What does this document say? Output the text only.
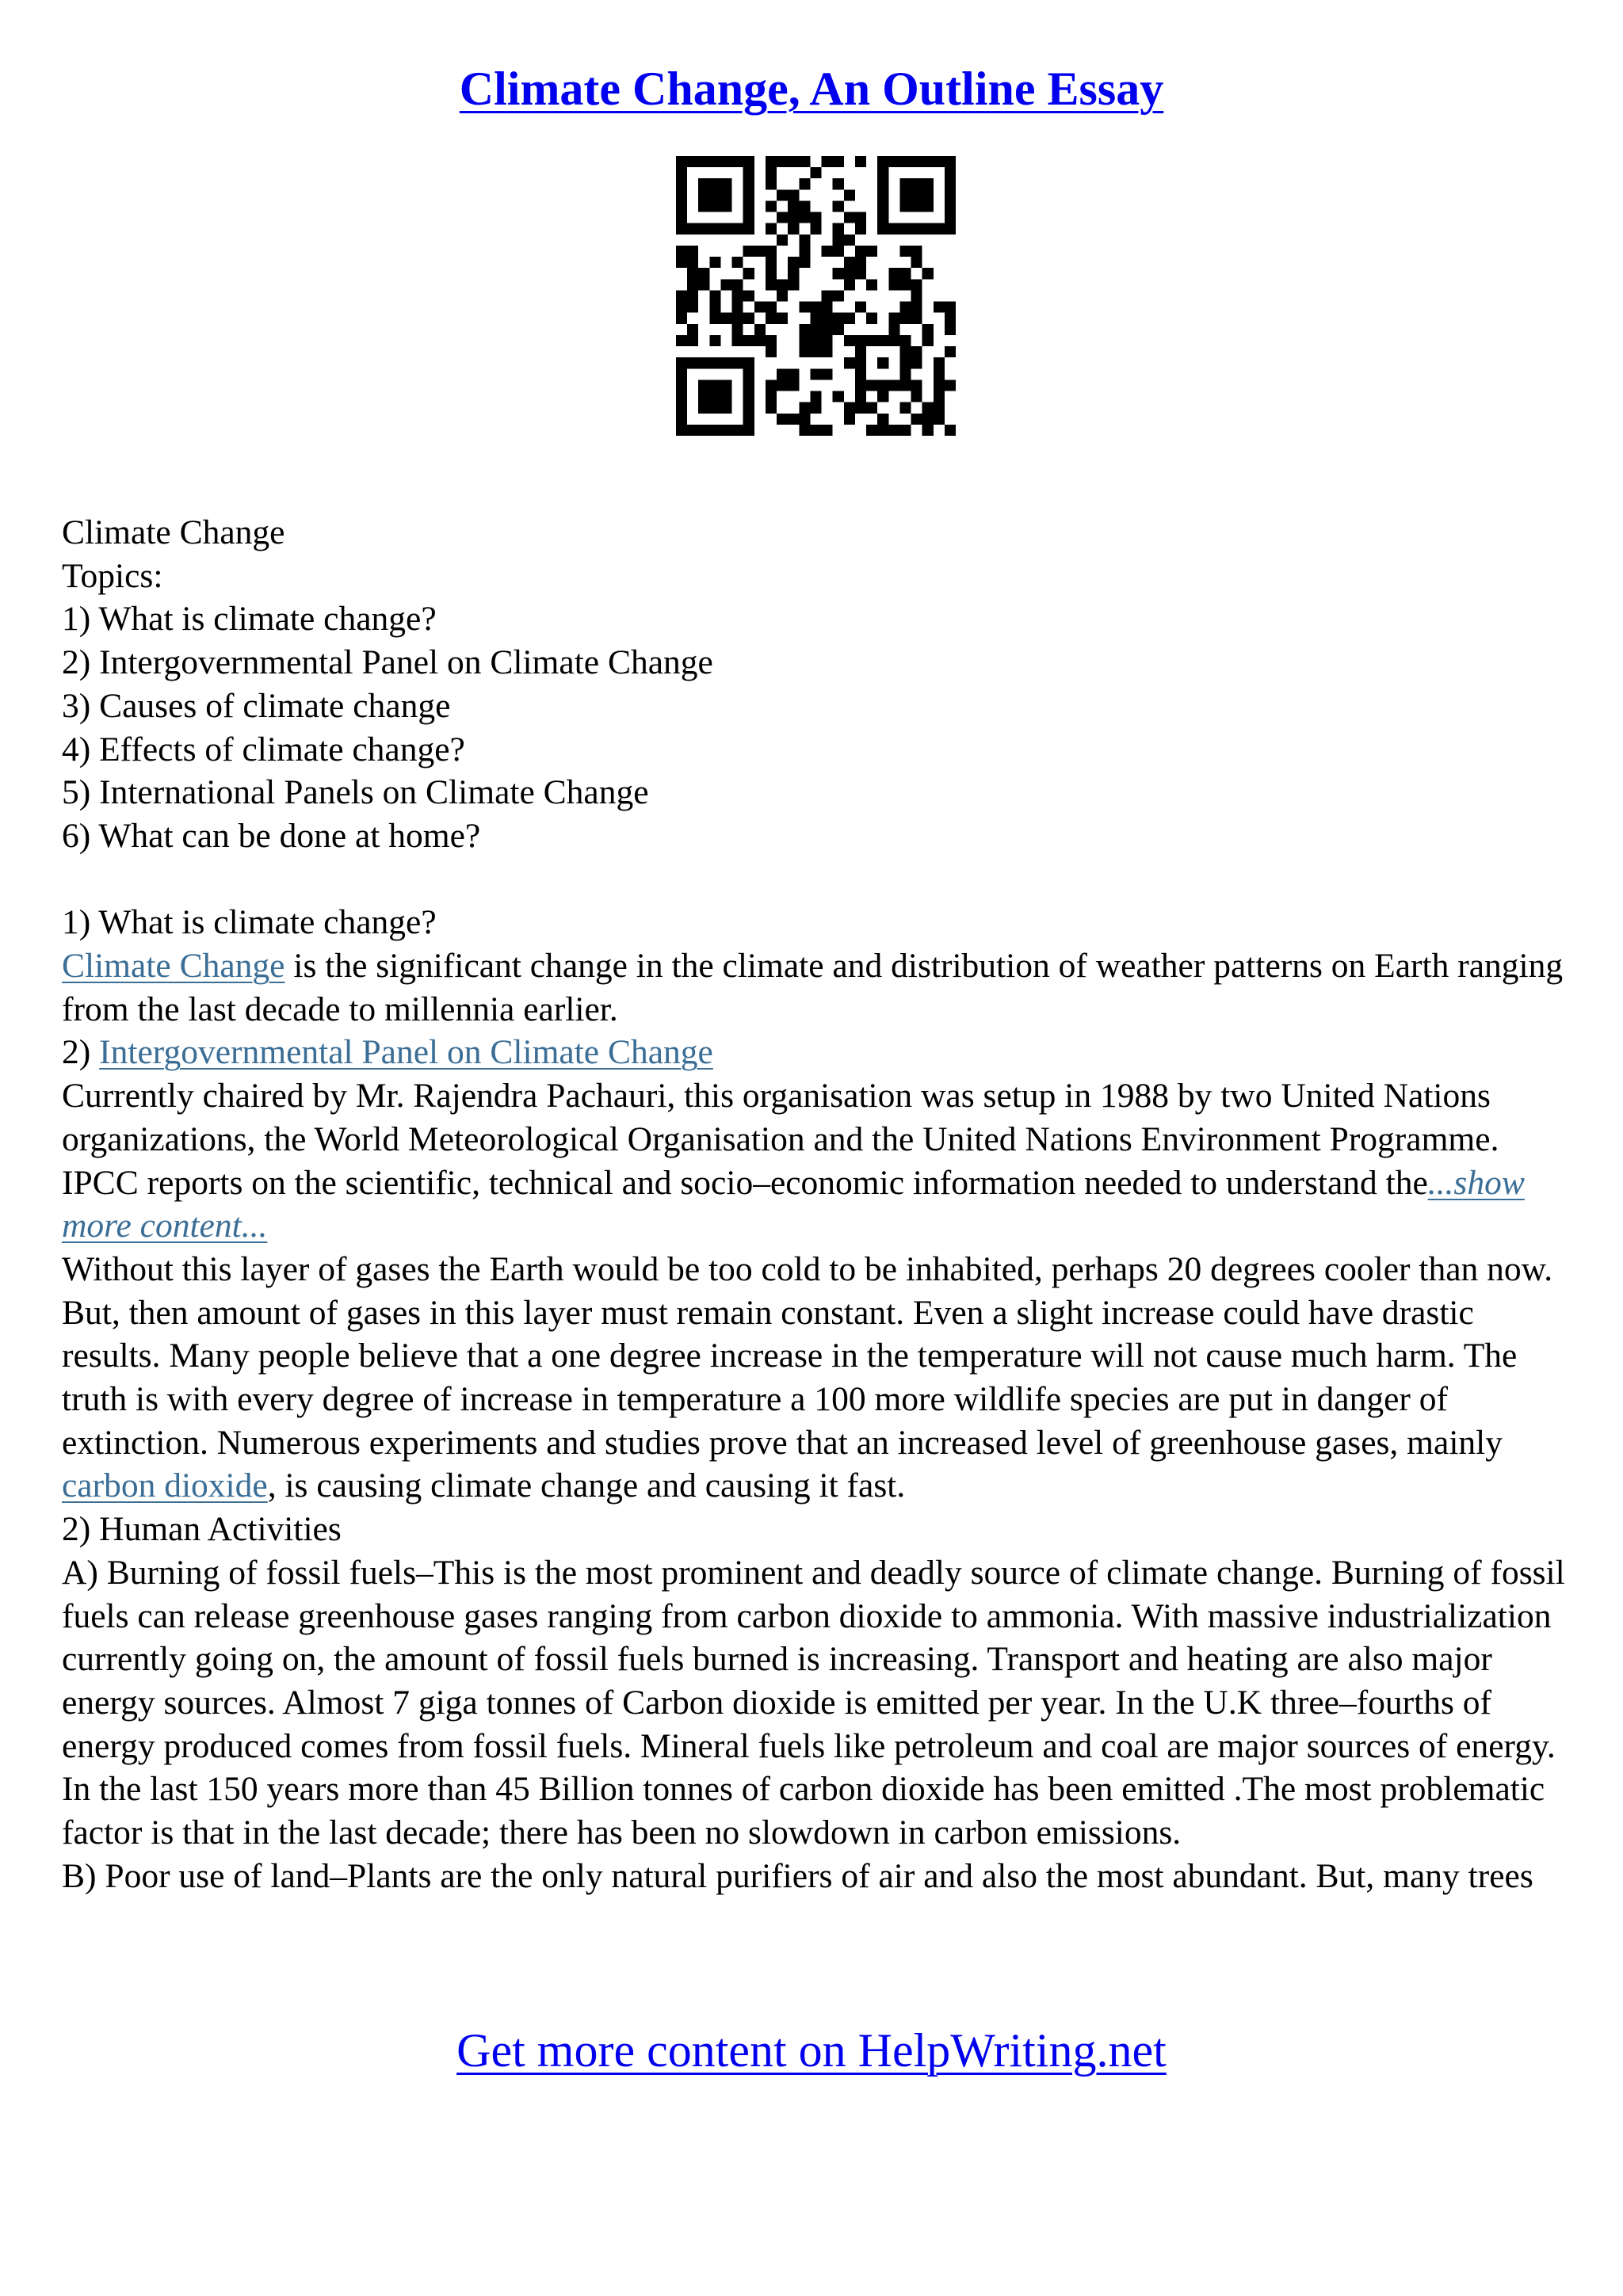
Climate Change, An Outline Essay

Climate Change

Topics:

1) What is climate change?

2) Intergovernmental Panel on Climate Change

3) Causes of climate change

4) Effects of climate change?

5) International Panels on Climate Change

6) What can be done at home?

1) What is climate change?

Climate Change is the significant change in the climate and distribution of weather patterns on Earth ranging from the last decade to millennia earlier.

2) Intergovernmental Panel on Climate Change

Currently chaired by Mr. Rajendra Pachauri, this organisation was setup in 1988 by two United Nations organizations, the World Meteorological Organisation and the United Nations Environment Programme. IPCC reports on the scientific, technical and socio–economic information needed to understand the...show more content...

Without this layer of gases the Earth would be too cold to be inhabited, perhaps 20 degrees cooler than now. But, then amount of gases in this layer must remain constant. Even a slight increase could have drastic results. Many people believe that a one degree increase in the temperature will not cause much harm. The truth is with every degree of increase in temperature a 100 more wildlife species are put in danger of extinction. Numerous experiments and studies prove that an increased level of greenhouse gases, mainly carbon dioxide, is causing climate change and causing it fast.

2) Human Activities

A) Burning of fossil fuels–This is the most prominent and deadly source of climate change. Burning of fossil fuels can release greenhouse gases ranging from carbon dioxide to ammonia. With massive industrialization currently going on, the amount of fossil fuels burned is increasing. Transport and heating are also major energy sources. Almost 7 giga tonnes of Carbon dioxide is emitted per year. In the U.K three–fourths of energy produced comes from fossil fuels. Mineral fuels like petroleum and coal are major sources of energy. In the last 150 years more than 45 Billion tonnes of carbon dioxide has been emitted .The most problematic factor is that in the last decade; there has been no slowdown in carbon emissions.

B) Poor use of land–Plants are the only natural purifiers of air and also the most abundant. But, many trees

Get more content on HelpWriting.net
